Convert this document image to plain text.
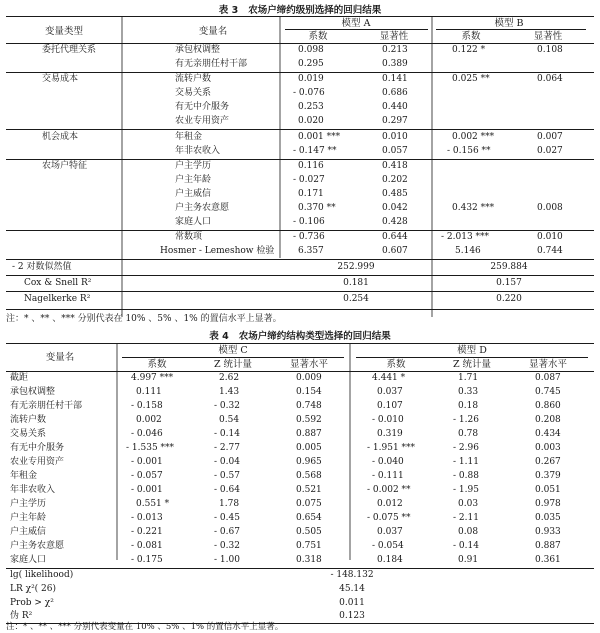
表 3 农场户缔约级别选择的回归结果
变量类型	变量名
模型 A	模型 B
系数	显著性	系数	显著性
委托代理关系	承包权调整	0.098	0.213	0.122 *	0.108
有无亲朋任村干部	0.295	0.389
交易成本	流转户数	0.019	0.141	0.025 **	0.064
交易关系	- 0.076	0.686
有无中介服务	0.253	0.440
农业专用资产	0.020	0.297
机会成本	年租金	0.001 ***	0.010	0.002 ***	0.007
年非农收入	- 0.147 **	0.057	- 0.156 **	0.027
农场户特征	户主学历	0.116	0.418
户主年龄	- 0.027	0.202
户主威信	0.171	0.485
户主务农意愿	0.370 **	0.042	0.432 ***	0.008
家庭人口	- 0.106	0.428
常数项	- 0.736	0.644	- 2.013 ***	0.010
Hosmer - Lemeshow 检验	6.357	0.607	5.146	0.744
- 2 对数似然值	252.999	259.884
Cox & Snell R²	0.181	0.157
Nagelkerke R²	0.254	0.220
注：* 、** 、*** 分别代表在 10% 、5% 、1% 的置信水平上显著。
表 4 农场户缔约结构类型选择的回归结果
变量名
模型 C	模型 D
系数	Z 统计量	显著水平	系数	Z 统计量	显著水平
截距	4.997 ***	2.62	0.009	4.441 *	1.71	0.087
承包权调整	0.111	1.43	0.154	0.037	0.33	0.745
有无亲朋任村干部	- 0.158	- 0.32	0.748	0.107	0.18	0.860
流转户数	0.002	0.54	0.592	- 0.010	- 1.26	0.208
交易关系	- 0.046	- 0.14	0.887	0.319	0.78	0.434
有无中介服务	- 1.535 ***	- 2.77	0.005	- 1.951 ***	- 2.96	0.003
农业专用资产	- 0.001	- 0.04	0.965	- 0.040	- 1.11	0.267
年租金	- 0.057	- 0.57	0.568	- 0.111	- 0.88	0.379
年非农收入	- 0.001	- 0.64	0.521	- 0.002 **	- 1.95	0.051
户主学历	0.551 *	1.78	0.075	0.012	0.03	0.978
户主年龄	- 0.013	- 0.45	0.654	- 0.075 **	- 2.11	0.035
户主威信	- 0.221	- 0.67	0.505	0.037	0.08	0.933
户主务农意愿	- 0.081	- 0.32	0.751	- 0.054	- 0.14	0.887
家庭人口	- 0.175	- 1.00	0.318	0.184	0.91	0.361
lg( likelihood)	- 148.132
LR χ²( 26)	45.14
Prob > χ²	0.011
伪 R²	0.123
注：* 、** 、*** 分别代表变量在 10% 、5% 、1% 的置信水平上显著。
